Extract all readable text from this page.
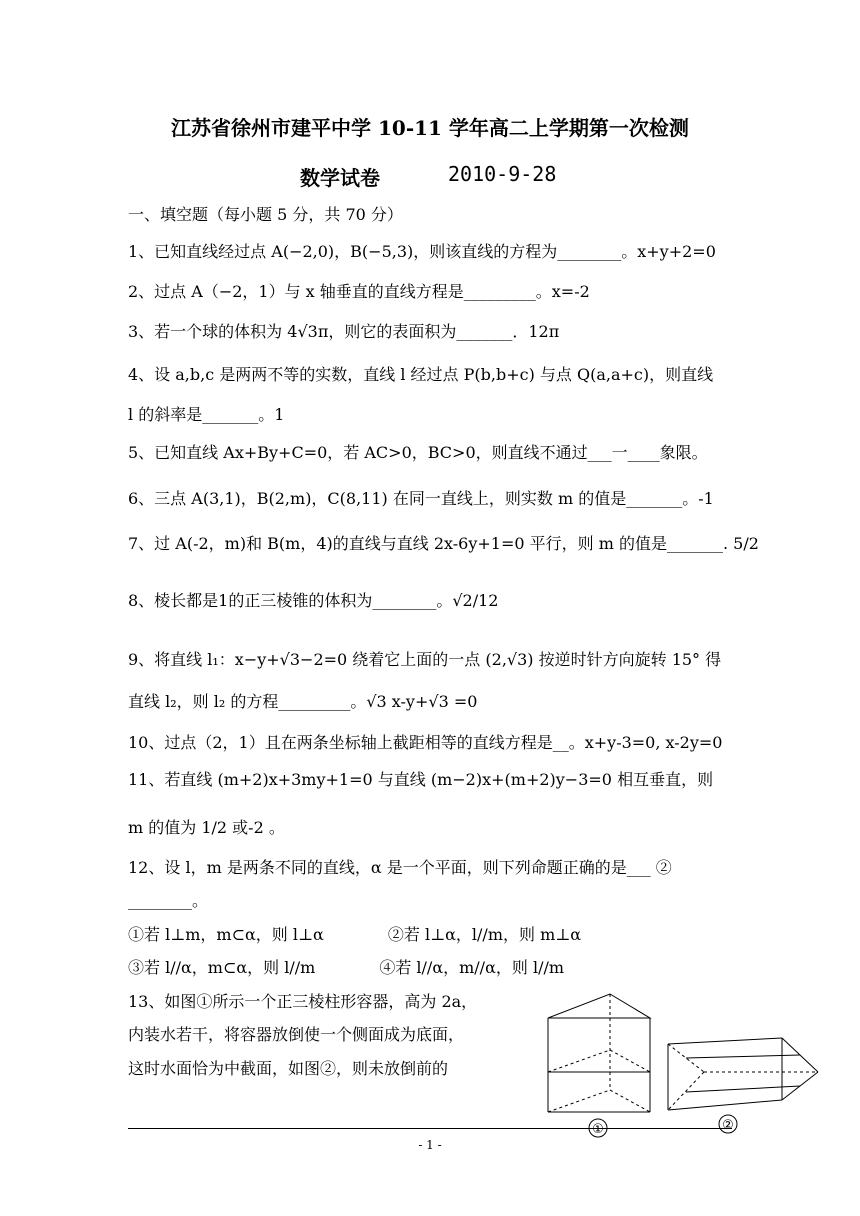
江苏省徐州市建平中学 10-11 学年高二上学期第一次检测
数学试卷	2010-9-28
一、填空题（每小题 5 分，共 70 分）
1、已知直线经过点 A(−2,0)，B(−5,3)，则该直线的方程为________。x+y+2=0
2、过点 A（−2，1）与 x 轴垂直的直线方程是_________。x=-2
3、若一个球的体积为 4√3π，则它的表面积为_______．12π
4、设 a,b,c 是两两不等的实数，直线 l 经过点 P(b,b+c) 与点 Q(a,a+c)，则直线
l 的斜率是_______。1
5、已知直线 Ax+By+C=0，若 AC>0，BC>0，则直线不通过___一____象限。
6、三点 A(3,1)，B(2,m)，C(8,11) 在同一直线上，则实数 m 的值是_______。-1
7、过 A(-2，m)和 B(m，4)的直线与直线 2x-6y+1=0 平行，则 m 的值是_______. 5/2
8、棱长都是1的正三棱锥的体积为________。√2/12
9、将直线 l₁：x−y+√3−2=0 绕着它上面的一点 (2,√3) 按逆时针方向旋转 15° 得
直线 l₂，则 l₂ 的方程_________。√3 x-y+√3 =0
10、过点（2，1）且在两条坐标轴上截距相等的直线方程是__。x+y-3=0, x-2y=0
11、若直线 (m+2)x+3my+1=0 与直线 (m−2)x+(m+2)y−3=0 相互垂直，则
m 的值为 1/2 或-2 。
12、设 l，m 是两条不同的直线，α 是一个平面，则下列命题正确的是___ ②
________。
①若 l⊥m，m⊂α，则 l⊥α　　　　②若 l⊥α，l//m，则 m⊥α
③若 l//α，m⊂α，则 l//m　　　　④若 l//α，m//α，则 l//m
13、如图①所示一个正三棱柱形容器，高为 2a，
内装水若干，将容器放倒使一个侧面成为底面，
这时水面恰为中截面，如图②，则未放倒前的
①	②
- 1 -
